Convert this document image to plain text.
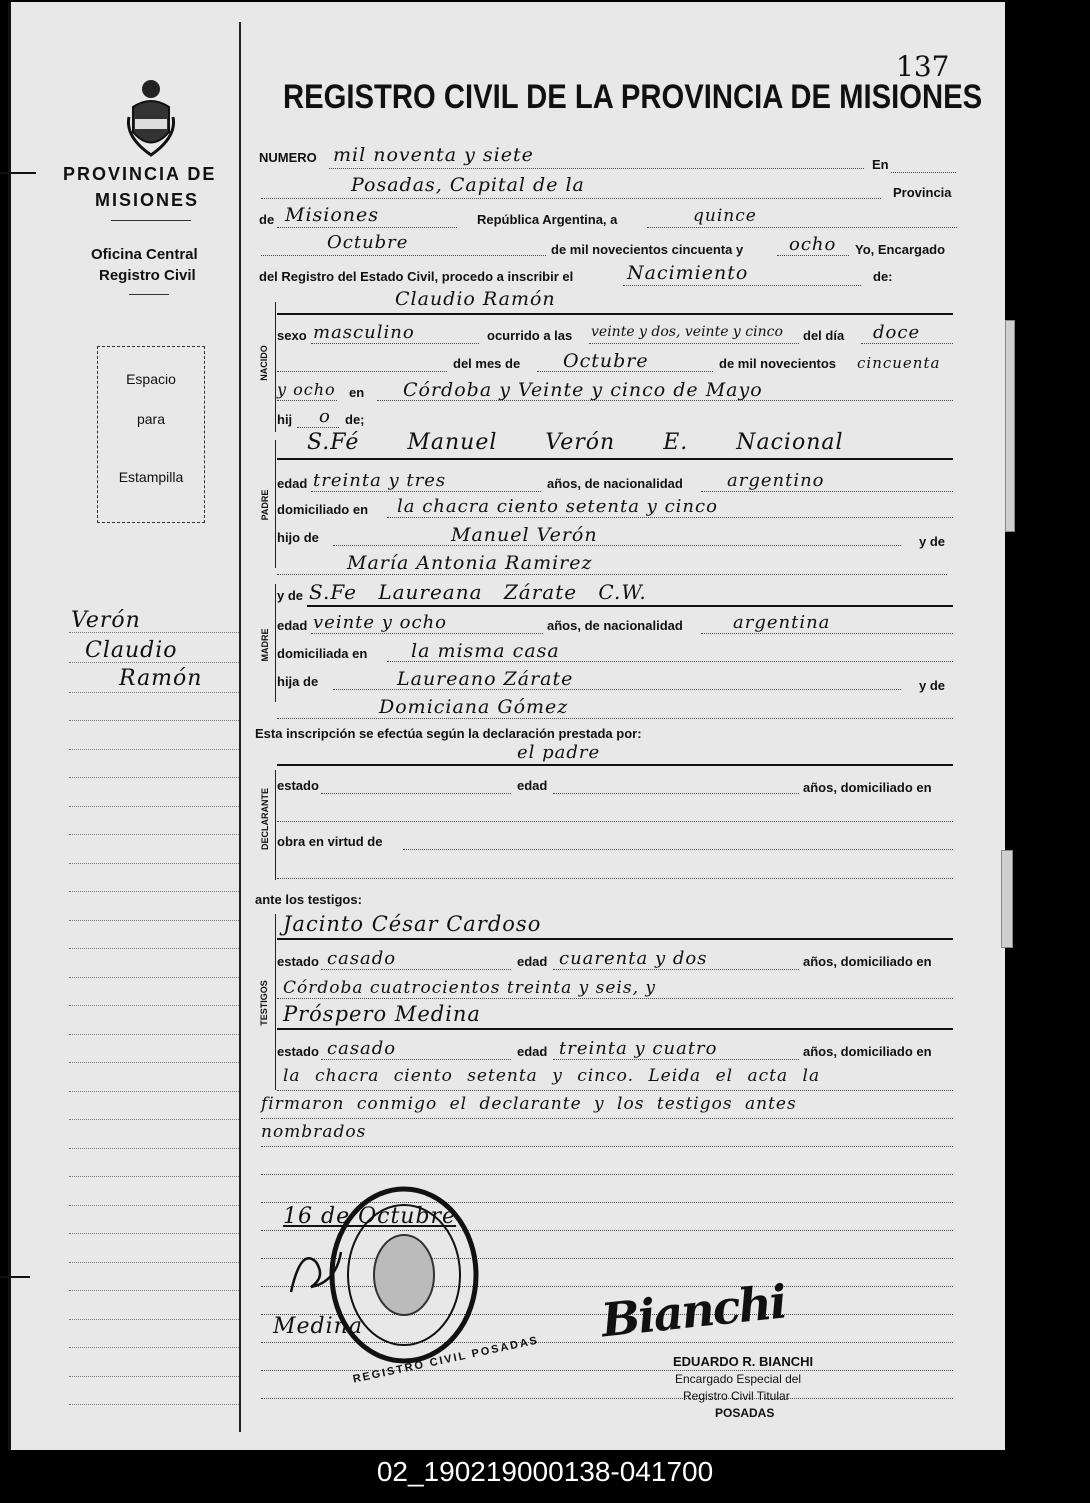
137
PROVINCIA DE
MISIONES
Oficina Central
Registro Civil
Espacio
para
Estampilla
Verón
Claudio
Ramón
REGISTRO CIVIL DE LA PROVINCIA DE MISIONES
NUMERO mil noventa y siete	En
Posadas, Capital de la	Provincia
de Misiones	República Argentina, a	quince
Octubre	de mil novecientos cincuenta y	ocho Yo, Encargado
del Registro del Estado Civil, procedo a inscribir el	Nacimiento	de:
NACIDO
Claudio Ramón
sexo masculino	ocurrido a las veinte y dos, veinte y cinco del día doce
del mes de Octubre	de mil novecientos cincuenta
y ocho en Córdoba y Veinte y cinco de Mayo
hij o de;
PADRE
S.Fé Manuel Verón E. Nacional
edad treinta y tres	años, de nacionalidad argentino
domiciliado en la chacra ciento setenta y cinco
hijo de	Manuel Verón	y de
María Antonia Ramirez
MADRE
y de S.Fe Laureana Zárate C.W.
edad veinte y ocho	años, de nacionalidad	argentina
domiciliada en la misma casa
hija de	Laureano Zárate	y de
Domiciana Gómez
Esta inscripción se efectúa según la declaración prestada por:
el padre
DECLARANTE
estado	edad	años, domiciliado en
obra en virtud de
ante los testigos:
TESTIGOS
Jacinto César Cardoso
estado casado	edad cuarenta y dos	años, domiciliado en
Córdoba cuatrocientos treinta y seis, y
Próspero Medina
estado casado	edad treinta y cuatro	años, domiciliado en
la chacra ciento setenta y cinco. Leida el acta la
firmaron conmigo el declarante y los testigos antes
nombrados
16 de Octubre
Medina
REGISTRO CIVIL POSADAS
Bianchi
EDUARDO R. BIANCHI
Encargado Especial del
Registro Civil Titular
POSADAS
02_190219000138-041700
